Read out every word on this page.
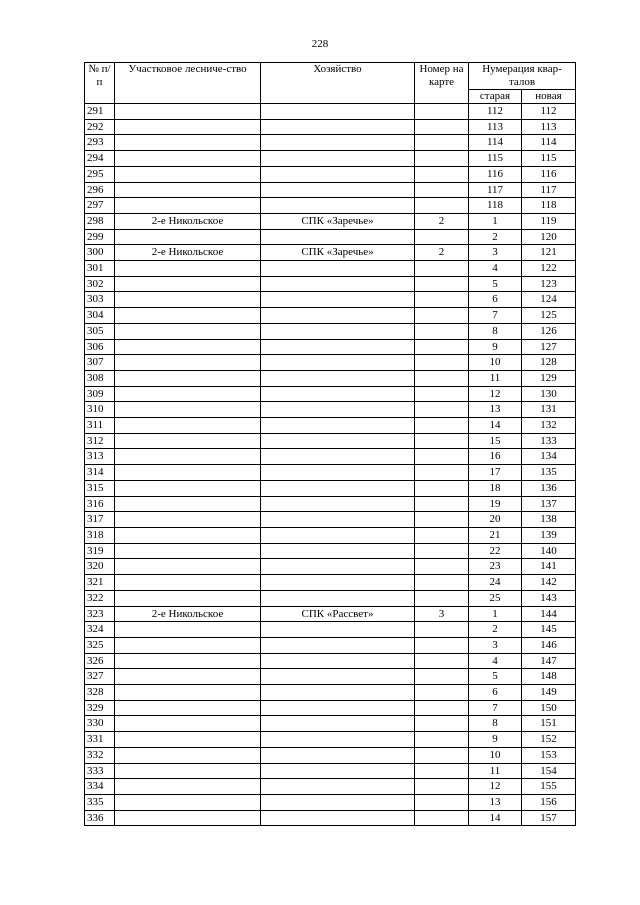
228
№ п/п	Участковое лесниче-ство	Хозяйство	Номер на карте	Нумерация квар-талов	
				старая	новая
291				112	112
292				113	113
293				114	114
294				115	115
295				116	116
296				117	117
297				118	118
298	2-е Никольское	СПК «Заречье»	2	1	119
299				2	120
300	2-е Никольское	СПК «Заречье»	2	3	121
301				4	122
302				5	123
303				6	124
304				7	125
305				8	126
306				9	127
307				10	128
308				11	129
309				12	130
310				13	131
311				14	132
312				15	133
313				16	134
314				17	135
315				18	136
316				19	137
317				20	138
318				21	139
319				22	140
320				23	141
321				24	142
322				25	143
323	2-е Никольское	СПК «Рассвет»	3	1	144
324				2	145
325				3	146
326				4	147
327				5	148
328				6	149
329				7	150
330				8	151
331				9	152
332				10	153
333				11	154
334				12	155
335				13	156
336				14	157
